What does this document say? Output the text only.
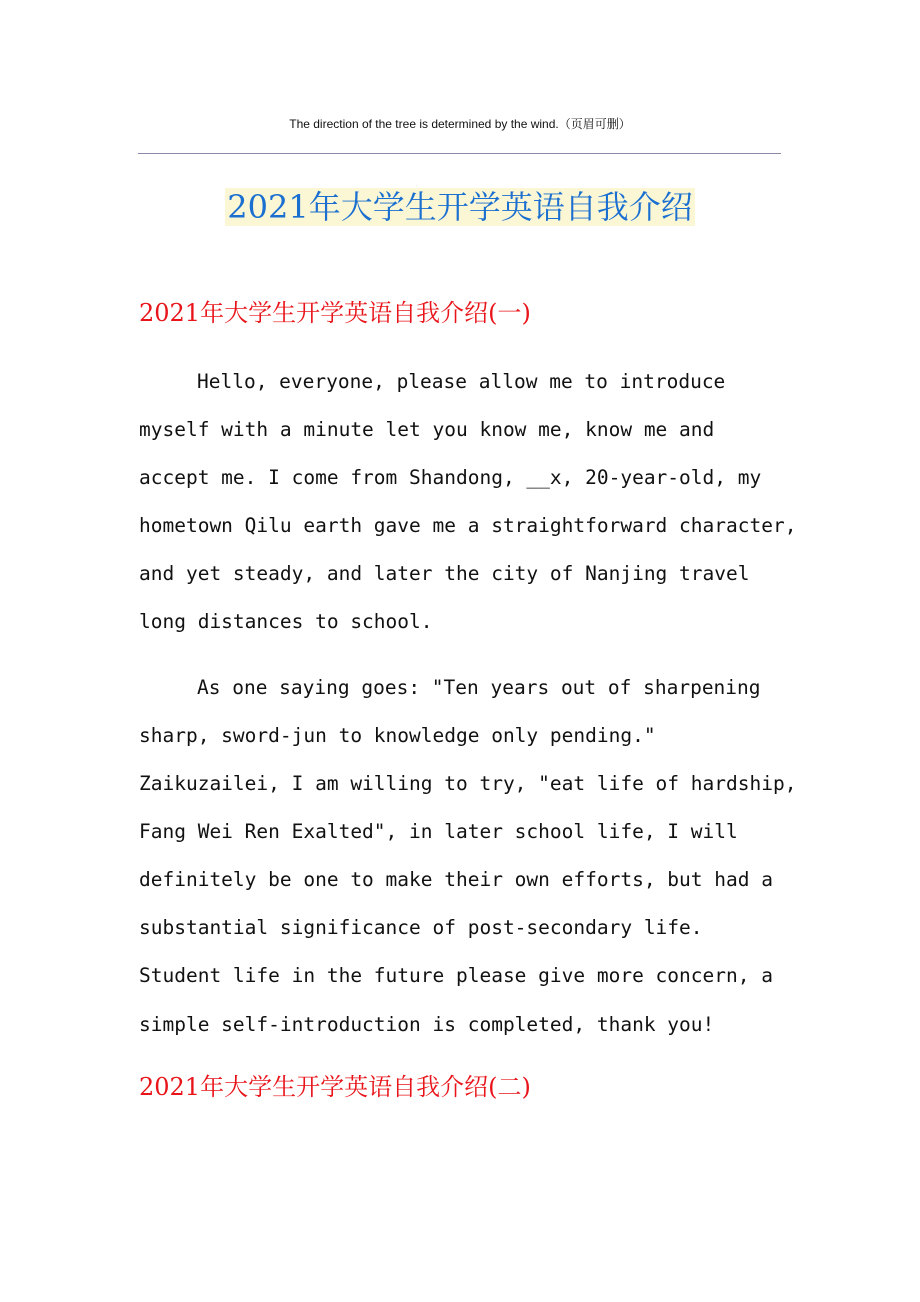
The direction of the tree is determined by the wind.（页眉可删）
2021年大学生开学英语自我介绍
2021年大学生开学英语自我介绍(一)
Hello, everyone, please allow me to introduce
myself with a minute let you know me, know me and
accept me. I come from Shandong, __x, 20-year-old, my
hometown Qilu earth gave me a straightforward character,
and yet steady, and later the city of Nanjing travel
long distances to school.
As one saying goes: "Ten years out of sharpening
sharp, sword-jun to knowledge only pending."
Zaikuzailei, I am willing to try, "eat life of hardship,
Fang Wei Ren Exalted", in later school life, I will
definitely be one to make their own efforts, but had a
substantial significance of post-secondary life.
Student life in the future please give more concern, a
simple self-introduction is completed, thank you!
2021年大学生开学英语自我介绍(二)
